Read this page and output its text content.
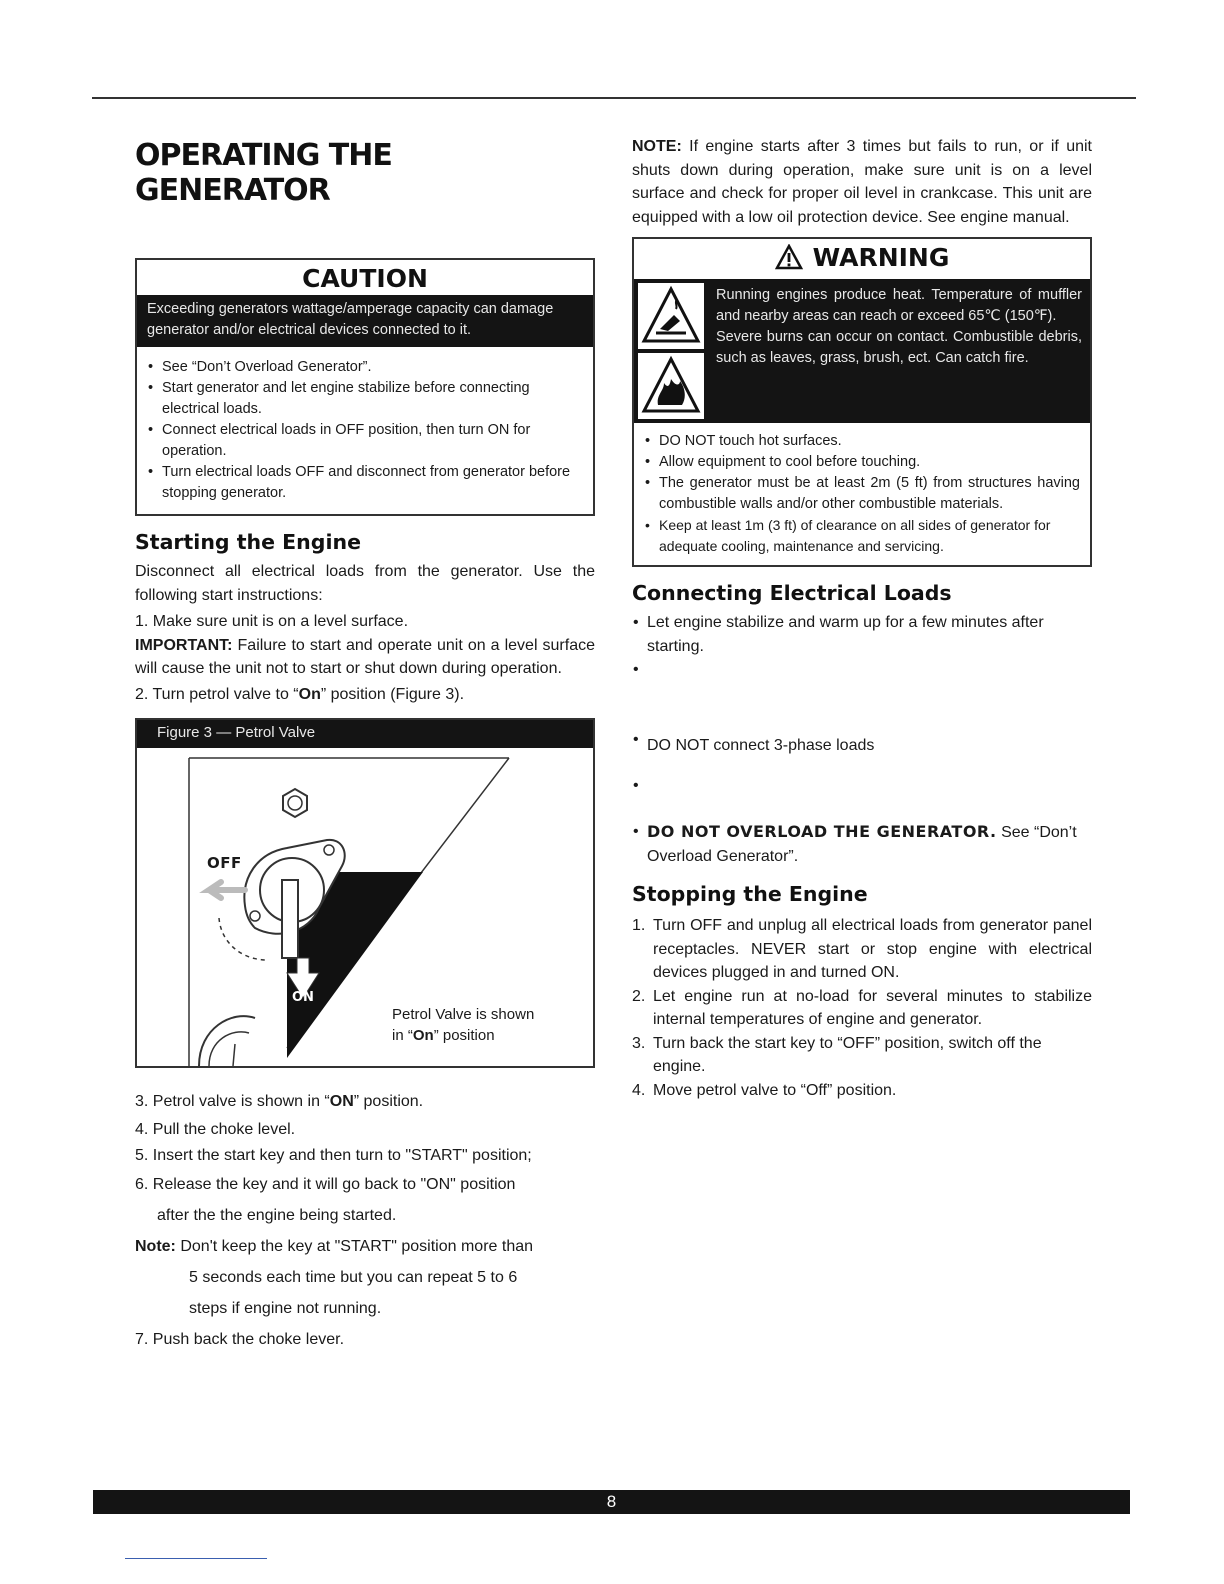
OPERATING THE GENERATOR
CAUTION
Exceeding generators wattage/amperage capacity can damage generator and/or electrical devices connected to it.
• See “Don’t Overload Generator”.
• Start generator and let engine stabilize before connecting electrical loads.
• Connect electrical loads in OFF position, then turn ON for operation.
• Turn electrical loads OFF and disconnect from generator before stopping generator.
Starting the Engine

Disconnect all electrical loads from the generator. Use the following start instructions:

1. Make sure unit is on a level surface.

IMPORTANT: Failure to start and operate unit on a level surface will cause the unit not to start or shut down during operation.

2. Turn petrol valve to “On” position (Figure 3).

Figure 3 — Petrol Valve
OFF
ON
Petrol Valve is shown
in “On” position
3. Petrol valve is shown in “ON” position.
4. Pull the choke level.
5. Insert the start key and then turn to "START" position;
6. Release the key and it will go back to "ON" position
after the the engine being started.
Note: Don't keep the key at "START" position more than
5 seconds each time but you can repeat 5 to 6
steps if engine not running.
7. Push back the choke lever.

NOTE: If engine starts after 3 times but fails to run, or if unit shuts down during operation, make sure unit is on a level surface and check for proper oil level in crankcase. This unit are equipped with a low oil protection device. See engine manual.

WARNING
Running engines produce heat. Temperature of muffler and nearby areas can reach or exceed 65℃ (150℉).
Severe burns can occur on contact. Combustible debris, such as leaves, grass, brush, ect. Can catch fire.
• DO NOT touch hot surfaces.
• Allow equipment to cool before touching.
• The generator must be at least 2m (5 ft) from structures having combustible walls and/or other combustible materials.
• Keep at least 1m (3 ft) of clearance on all sides of generator for adequate cooling, maintenance and servicing.
Connecting Electrical Loads
• Let engine stabilize and warm up for a few minutes after starting.
•
• DO NOT connect 3-phase loads
•
• DO NOT OVERLOAD THE GENERATOR. See “Don’t Overload Generator”.
Stopping the Engine
1. Turn OFF and unplug all electrical loads from generator panel receptacles. NEVER start or stop engine with electrical devices plugged in and turned ON.
2. Let engine run at no-load for several minutes to stabilize internal temperatures of engine and generator.
3. Turn back the start key to “OFF” position, switch off the engine.
4. Move petrol valve to “Off” position.
8
